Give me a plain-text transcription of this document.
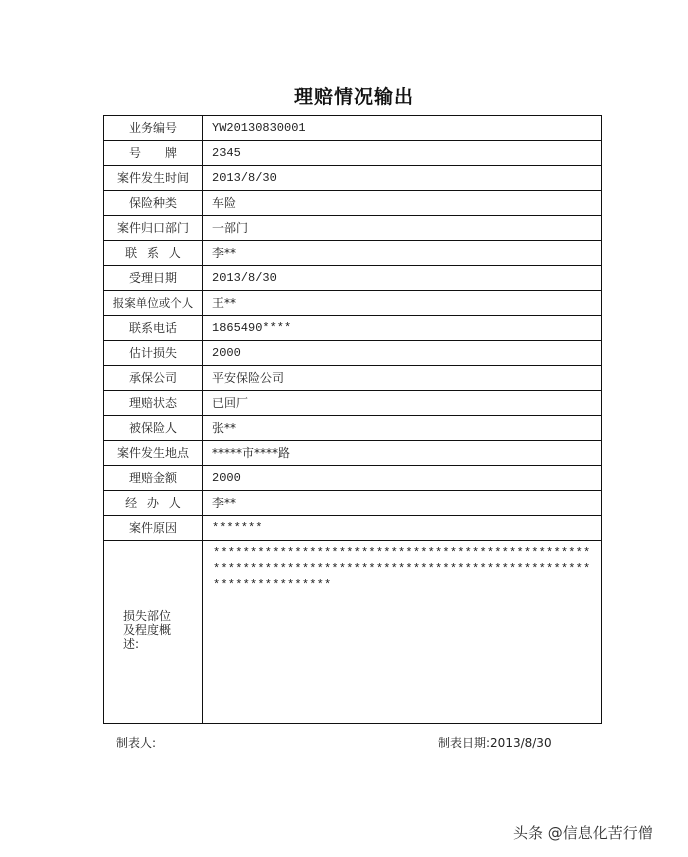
理赔情况输出
业务编号	YW20130830001
号　　牌	2345
案件发生时间	2013/8/30
保险种类	车险
案件归口部门	一部门
联 系 人	李**
受理日期	2013/8/30
报案单位或个人	王**
联系电话	1865490****
估计损失	2000
承保公司	平安保险公司
理赔状态	已回厂
被保险人	张**
案件发生地点	*****市****路
理赔金额	2000
经 办 人	李**
案件原因	*******
损失部位及程度概述:	**********************************************************************************************************************
制表人:	制表日期:2013/8/30
头条 @信息化苦行僧
